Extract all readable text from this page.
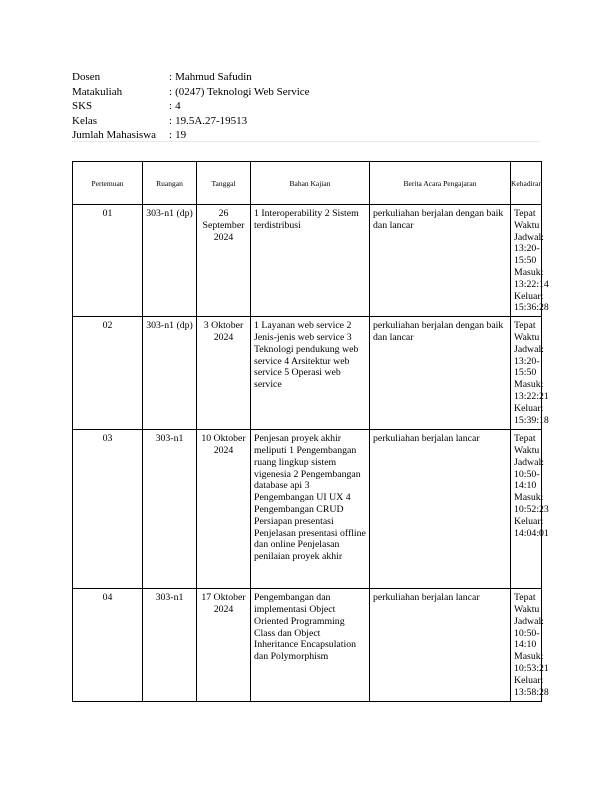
Dosen	: Mahmud Safudin
Matakuliah	: (0247) Teknologi Web Service
SKS	: 4
Kelas	: 19.5A.27-19513
Jumlah Mahasiswa	: 19
Pertemuan	Ruangan	Tanggal	Bahan Kajian	Berita Acara Pengajaran	Kehadiran
01	303-n1 (dp)	26 September 2024	1 Interoperability 2 Sistem terdistribusi	perkuliahan berjalan dengan baik dan lancar	Tepat Waktu Jadwal: 13:20-15:50 Masuk: 13:22:14 Keluar: 15:36:28
02	303-n1 (dp)	3 Oktober 2024	1 Layanan web service 2 Jenis-jenis web service 3 Teknologi pendukung web service 4 Arsitektur web service 5 Operasi web service	perkuliahan berjalan dengan baik dan lancar	Tepat Waktu Jadwal: 13:20-15:50 Masuk: 13:22:21 Keluar: 15:39:18
03	303-n1	10 Oktober 2024	Penjesan proyek akhir meliputi 1 Pengembangan ruang lingkup sistem vigenesia 2 Pengembangan database api 3 Pengembangan UI UX 4 Pengembangan CRUD Persiapan presentasi Penjelasan presentasi offline dan online Penjelasan penilaian proyek akhir	perkuliahan berjalan lancar	Tepat Waktu Jadwal: 10:50-14:10 Masuk: 10:52:23 Keluar: 14:04:01
04	303-n1	17 Oktober 2024	Pengembangan dan implementasi Object Oriented Programming Class dan Object Inheritance Encapsulation dan Polymorphism	perkuliahan berjalan lancar	Tepat Waktu Jadwal: 10:50-14:10 Masuk: 10:53:21 Keluar: 13:58:28
